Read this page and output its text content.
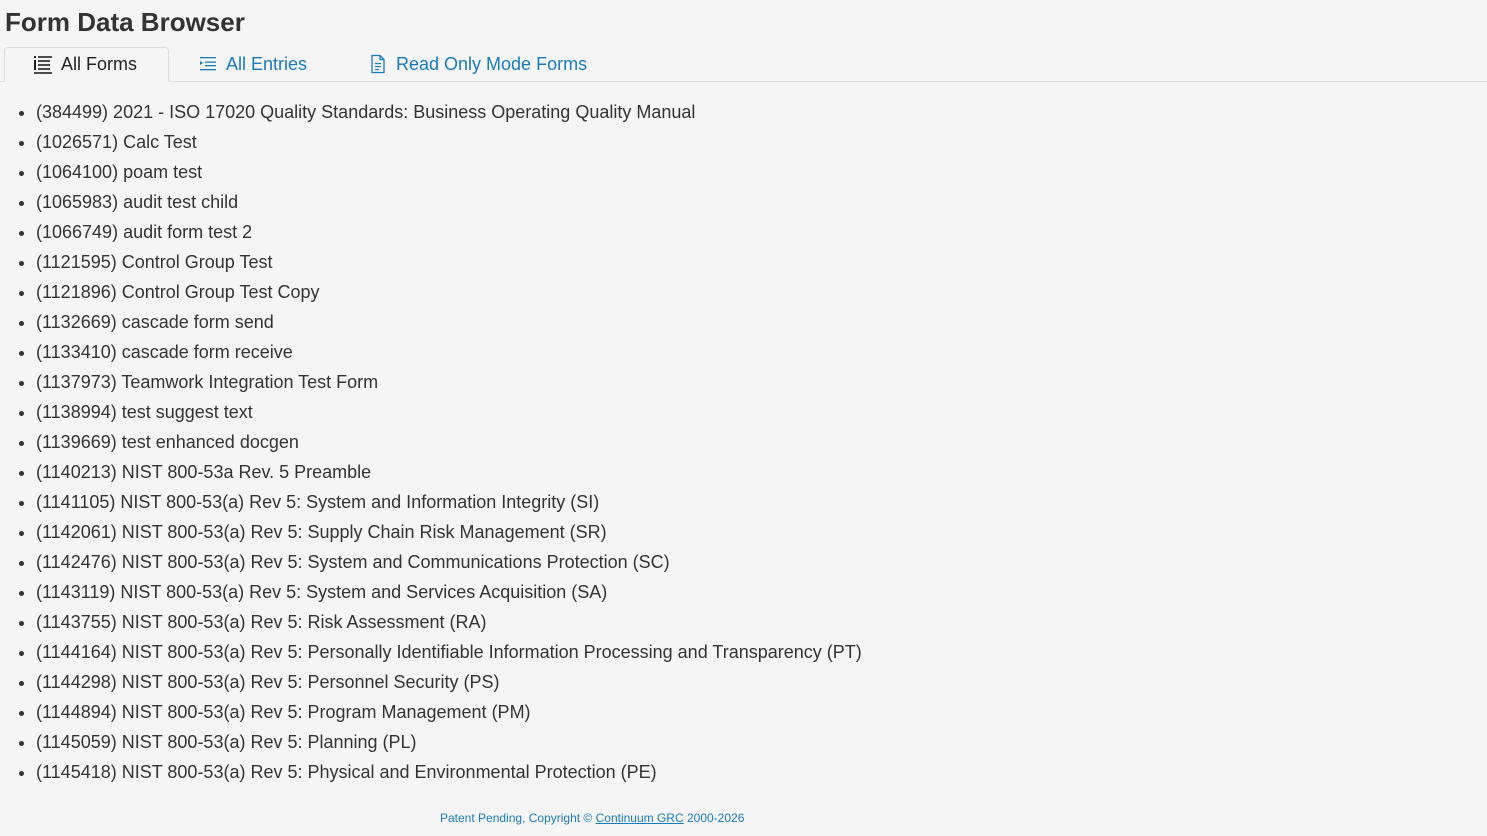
Form Data Browser
All Forms	All Entries	Read Only Mode Forms
• (384499) 2021 - ISO 17020 Quality Standards: Business Operating Quality Manual
• (1026571) Calc Test
• (1064100) poam test
• (1065983) audit test child
• (1066749) audit form test 2
• (1121595) Control Group Test
• (1121896) Control Group Test Copy
• (1132669) cascade form send
• (1133410) cascade form receive
• (1137973) Teamwork Integration Test Form
• (1138994) test suggest text
• (1139669) test enhanced docgen
• (1140213) NIST 800-53a Rev. 5 Preamble
• (1141105) NIST 800-53(a) Rev 5: System and Information Integrity (SI)
• (1142061) NIST 800-53(a) Rev 5: Supply Chain Risk Management (SR)
• (1142476) NIST 800-53(a) Rev 5: System and Communications Protection (SC)
• (1143119) NIST 800-53(a) Rev 5: System and Services Acquisition (SA)
• (1143755) NIST 800-53(a) Rev 5: Risk Assessment (RA)
• (1144164) NIST 800-53(a) Rev 5: Personally Identifiable Information Processing and Transparency (PT)
• (1144298) NIST 800-53(a) Rev 5: Personnel Security (PS)
• (1144894) NIST 800-53(a) Rev 5: Program Management (PM)
• (1145059) NIST 800-53(a) Rev 5: Planning (PL)
• (1145418) NIST 800-53(a) Rev 5: Physical and Environmental Protection (PE)
Patent Pending, Copyright © Continuum GRC 2000-2026
